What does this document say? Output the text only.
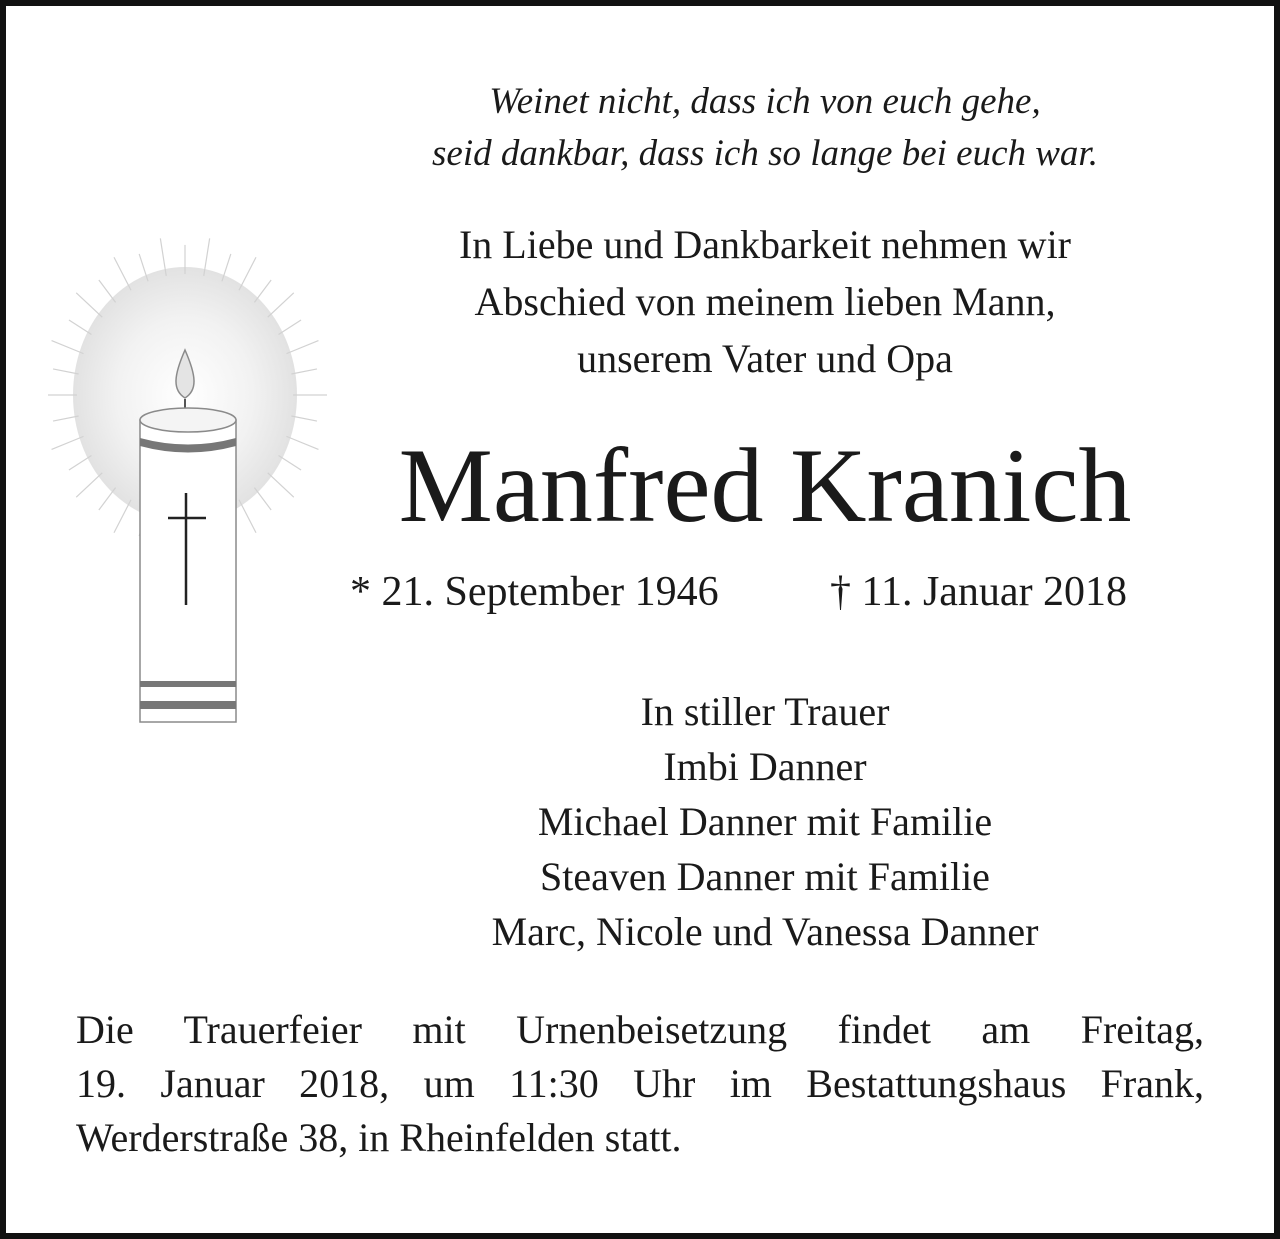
Weinet nicht, dass ich von euch gehe,
seid dankbar, dass ich so lange bei euch war.
In Liebe und Dankbarkeit nehmen wir
Abschied von meinem lieben Mann,
unserem Vater und Opa
Manfred Kranich
* 21. September 1946	† 11. Januar 2018
In stiller Trauer
Imbi Danner
Michael Danner mit Familie
Steaven Danner mit Familie
Marc, Nicole und Vanessa Danner
Die Trauerfeier mit Urnenbeisetzung findet am Freitag,
19. Januar 2018, um 11:30 Uhr im Bestattungshaus Frank,
Werderstraße 38, in Rheinfelden statt.
